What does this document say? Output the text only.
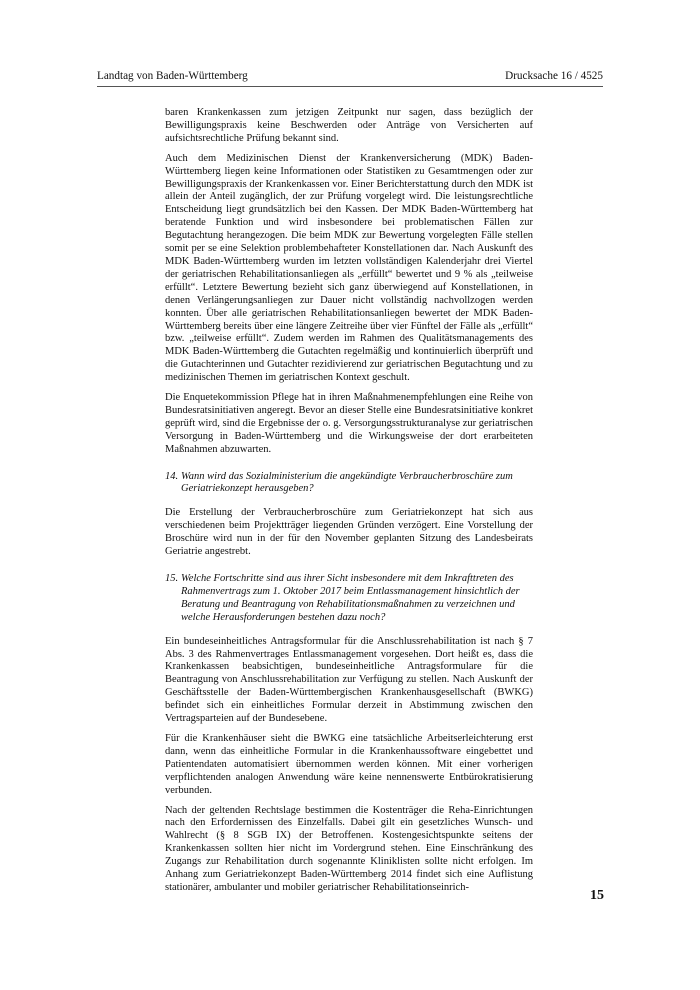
Landtag von Baden-Württemberg	Drucksache 16 / 4525

baren Krankenkassen zum jetzigen Zeitpunkt nur sagen, dass bezüglich der Bewilligungspraxis keine Beschwerden oder Anträge von Versicherten auf aufsichtsrechtliche Prüfung bekannt sind.

Auch dem Medizinischen Dienst der Krankenversicherung (MDK) Baden-Württemberg liegen keine Informationen oder Statistiken zu Gesamtmengen oder zur Bewilligungspraxis der Krankenkassen vor. Einer Berichterstattung durch den MDK ist allein der Anteil zugänglich, der zur Prüfung vorgelegt wird. Die leistungsrechtliche Entscheidung liegt grundsätzlich bei den Kassen. Der MDK Baden-Württemberg hat beratende Funktion und wird insbesondere bei problematischen Fällen zur Begutachtung herangezogen. Die beim MDK zur Bewertung vorgelegten Fälle stellen somit per se eine Selektion problembehafteter Konstellationen dar. Nach Auskunft des MDK Baden-Württemberg wurden im letzten vollständigen Kalenderjahr drei Viertel der geriatrischen Rehabilitationsanliegen als „erfüllt“ bewertet und 9 % als „teilweise erfüllt“. Letztere Bewertung bezieht sich ganz überwiegend auf Konstellationen, in denen Verlängerungsanliegen zur Dauer nicht vollständig nachvollzogen werden konnten. Über alle geriatrischen Rehabilitationsanliegen bewertet der MDK Baden-Württemberg bereits über eine längere Zeitreihe über vier Fünftel der Fälle als „erfüllt“ bzw. „teilweise erfüllt“. Zudem werden im Rahmen des Qualitätsmanagements des MDK Baden-Württemberg die Gutachten regelmäßig und kontinuierlich überprüft und die Gutachterinnen und Gutachter rezidivierend zur geriatrischen Begutachtung und zu medizinischen Themen im geriatrischen Kontext geschult.

Die Enquetekommission Pflege hat in ihren Maßnahmenempfehlungen eine Reihe von Bundesratsinitiativen angeregt. Bevor an dieser Stelle eine Bundesratsinitiative konkret geprüft wird, sind die Ergebnisse der o. g. Versorgungsstrukturanalyse zur geriatrischen Versorgung in Baden-Württemberg und die Wirkungsweise der dort erarbeiteten Maßnahmen abzuwarten.

14. Wann wird das Sozialministerium die angekündigte Verbraucherbroschüre zum Geriatriekonzept herausgeben?

Die Erstellung der Verbraucherbroschüre zum Geriatriekonzept hat sich aus verschiedenen beim Projektträger liegenden Gründen verzögert. Eine Vorstellung der Broschüre wird nun in der für den November geplanten Sitzung des Landesbeirats Geriatrie angestrebt.

15. Welche Fortschritte sind aus ihrer Sicht insbesondere mit dem Inkrafttreten des Rahmenvertrags zum 1. Oktober 2017 beim Entlassmanagement hinsichtlich der Beratung und Beantragung von Rehabilitationsmaßnahmen zu verzeichnen und welche Herausforderungen bestehen dazu noch?

Ein bundeseinheitliches Antragsformular für die Anschlussrehabilitation ist nach § 7 Abs. 3 des Rahmenvertrages Entlassmanagement vorgesehen. Dort heißt es, dass die Krankenkassen beabsichtigen, bundeseinheitliche Antragsformulare für die Beantragung von Anschlussrehabilitation zur Verfügung zu stellen. Nach Auskunft der Geschäftsstelle der Baden-Württembergischen Krankenhausgesellschaft (BWKG) befindet sich ein einheitliches Formular derzeit in Abstimmung zwischen den Vertragsparteien auf der Bundesebene.

Für die Krankenhäuser sieht die BWKG eine tatsächliche Arbeitserleichterung erst dann, wenn das einheitliche Formular in die Krankenhaussoftware eingebettet und Patientendaten automatisiert übernommen werden können. Mit einer vorherigen verpflichtenden analogen Anwendung wäre keine nennenswerte Entbürokratisierung verbunden.

Nach der geltenden Rechtslage bestimmen die Kostenträger die Reha-Einrichtungen nach den Erfordernissen des Einzelfalls. Dabei gilt ein gesetzliches Wunsch- und Wahlrecht (§ 8 SGB IX) der Betroffenen. Kostengesichtspunkte seitens der Krankenkassen sollten hier nicht im Vordergrund stehen. Eine Einschränkung des Zugangs zur Rehabilitation durch sogenannte Kliniklisten sollte nicht erfolgen. Im Anhang zum Geriatriekonzept Baden-Württemberg 2014 findet sich eine Auflistung stationärer, ambulanter und mobiler geriatrischer Rehabilitationseinrich-

15
